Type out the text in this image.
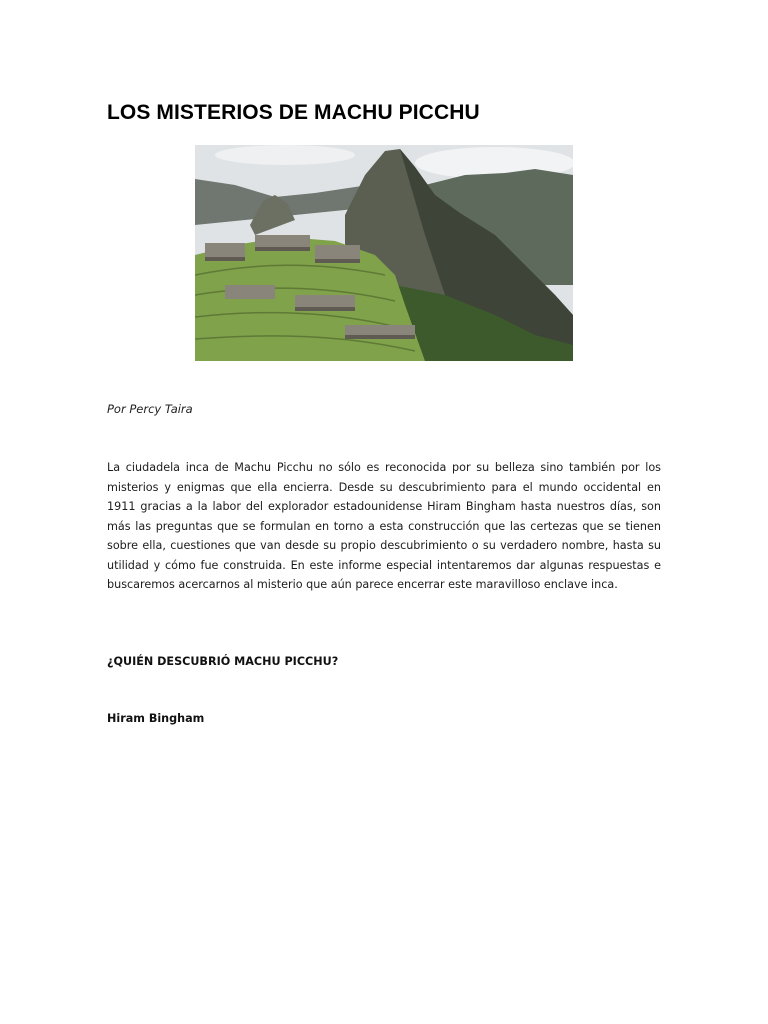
LOS MISTERIOS DE MACHU PICCHU

Por Percy Taira

La ciudadela inca de Machu Picchu no sólo es reconocida por su belleza sino también por los misterios y enigmas que ella encierra. Desde su descubrimiento para el mundo occidental en 1911 gracias a la labor del explorador estadounidense Hiram Bingham hasta nuestros días, son más las preguntas que se formulan en torno a esta construcción que las certezas que se tienen sobre ella, cuestiones que van desde su propio descubrimiento o su verdadero nombre, hasta su utilidad y cómo fue construida. En este informe especial intentaremos dar algunas respuestas e buscaremos acercarnos al misterio que aún parece encerrar este maravilloso enclave inca.

¿QUIÉN DESCUBRIÓ MACHU PICCHU?

Hiram Bingham
